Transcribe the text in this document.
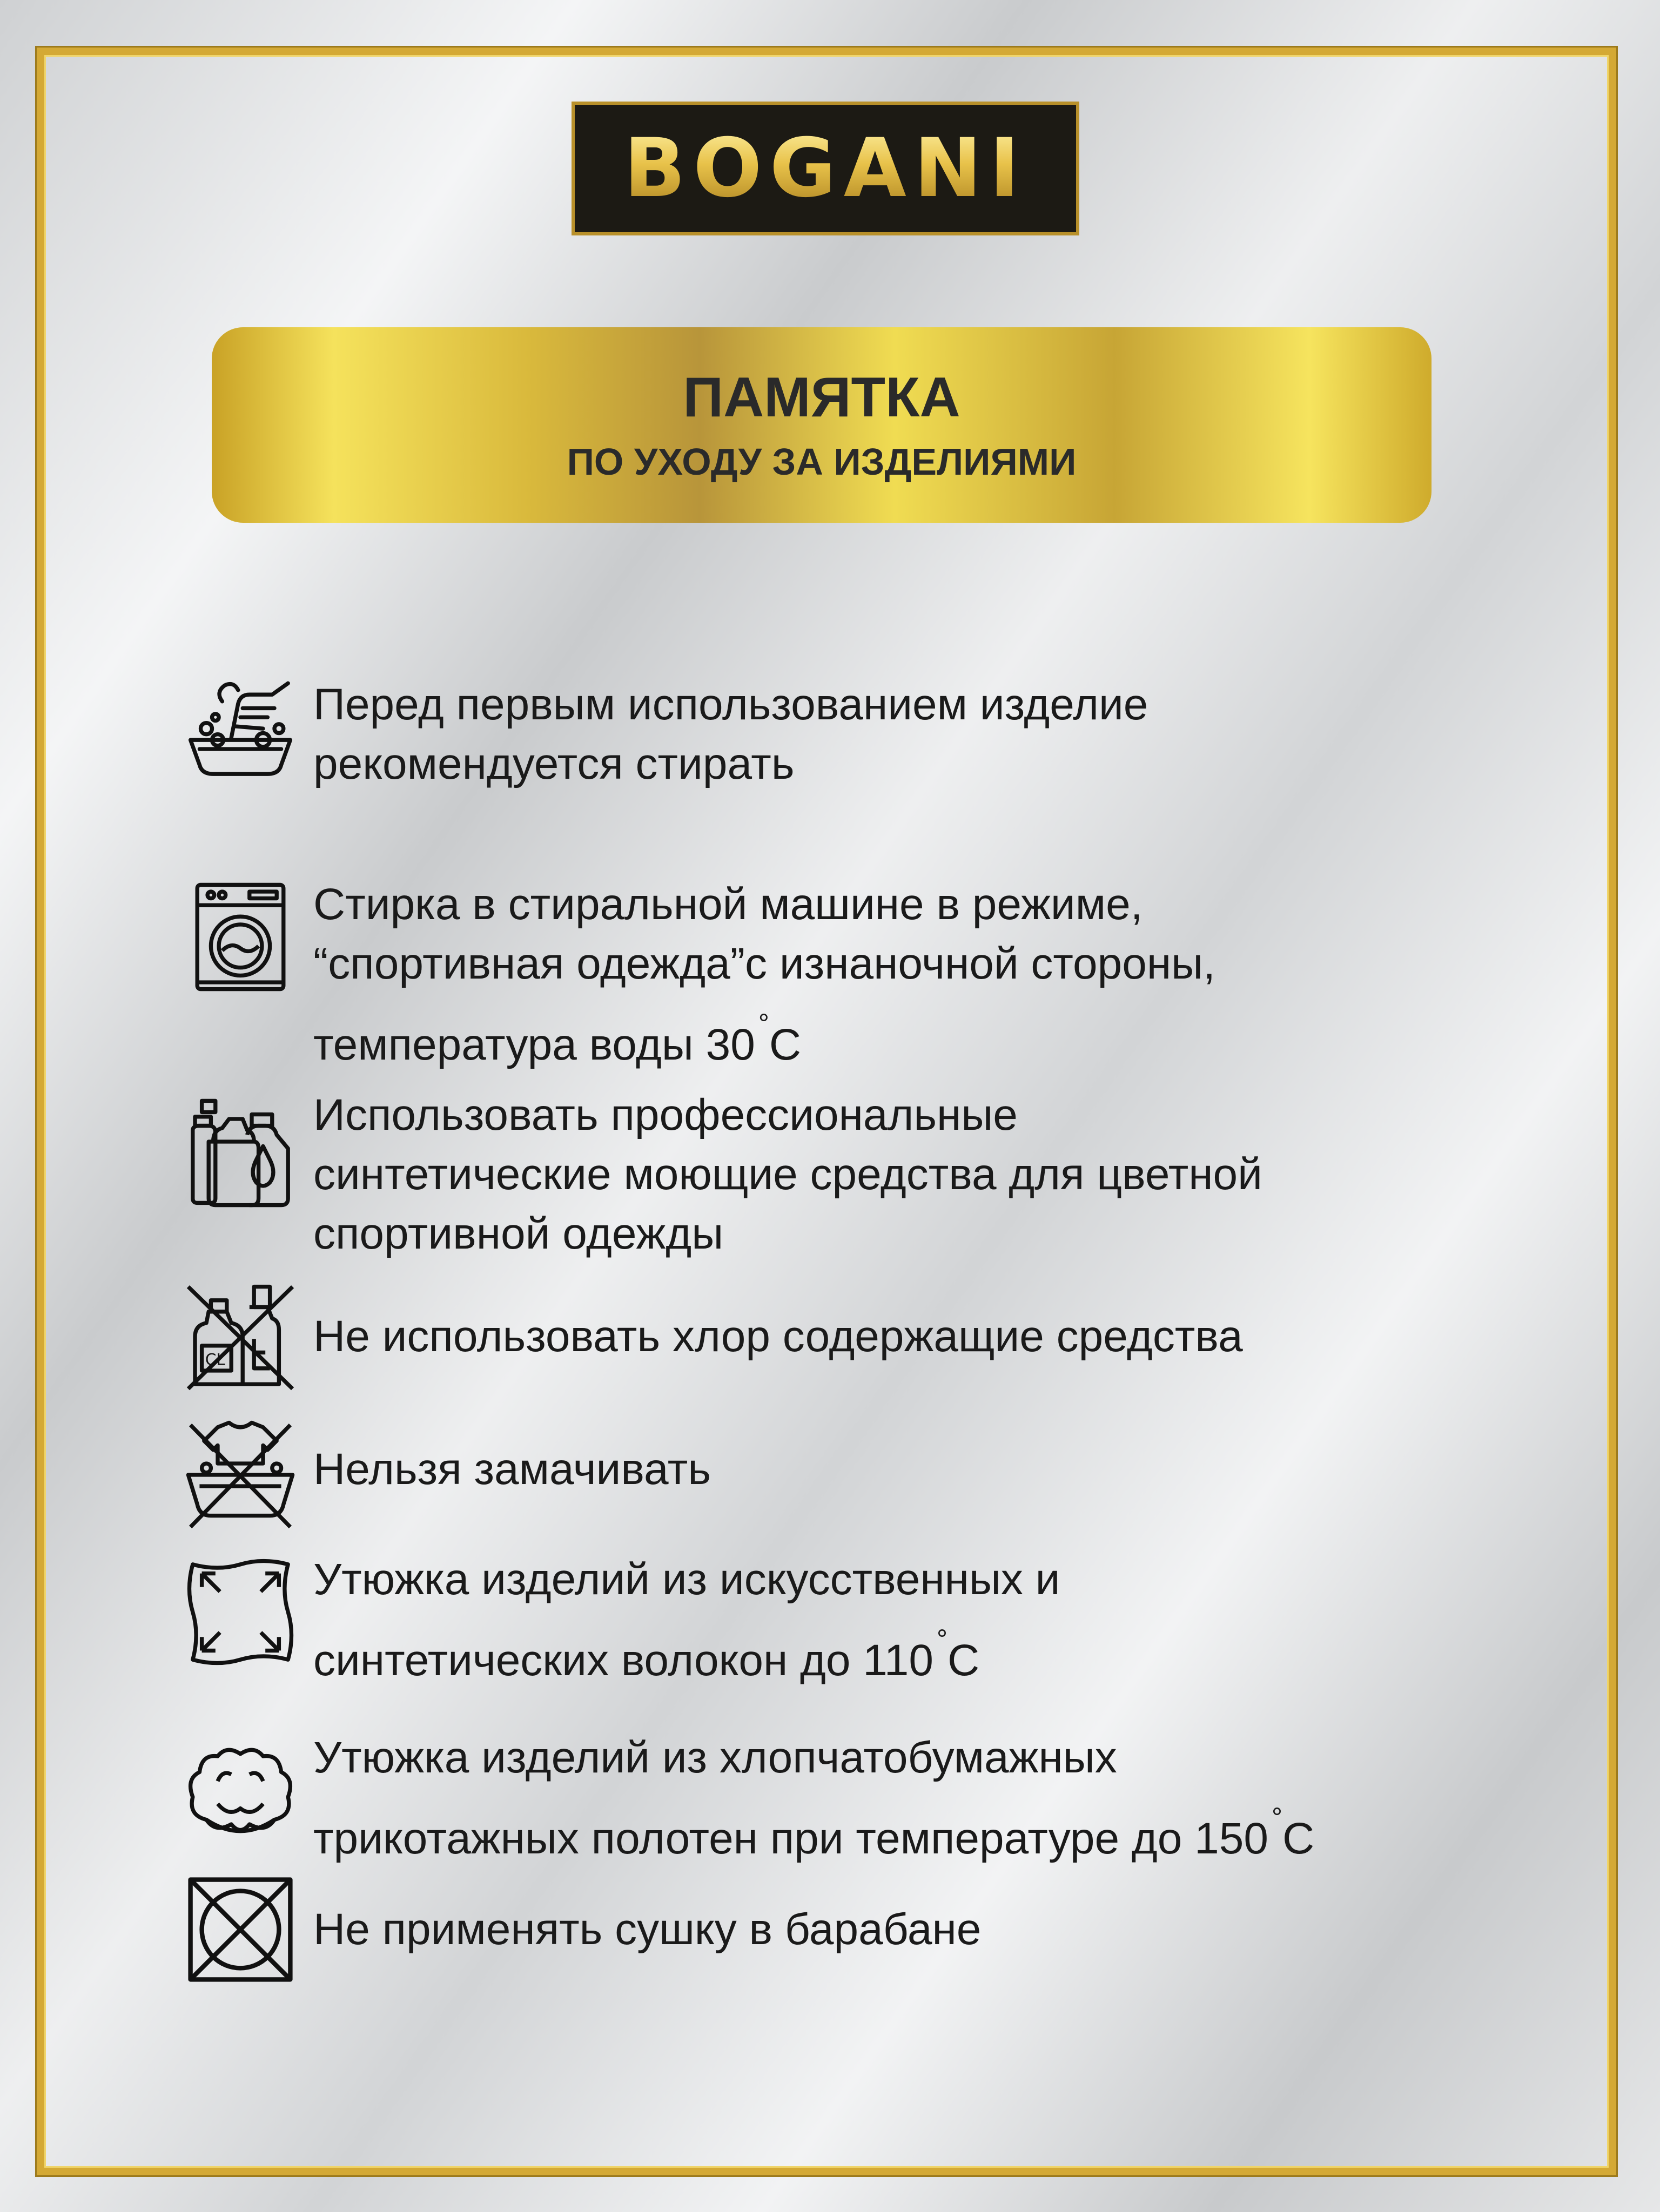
BOGANI
ПАМЯТКА
ПО УХОДУ ЗА ИЗДЕЛИЯМИ
Перед первым использованием изделие
рекомендуется стирать
Стирка в стиральной машине в режиме,
“спортивная одежда”с изнаночной стороны,
температура воды 30 °C
Использовать профессиональные
синтетические моющие средства для цветной
спортивной одежды
CL Не использовать хлор содержащие средства
Нельзя замачивать
Утюжка изделий из искусственных и
синтетических волокон до 110 °C
Утюжка изделий из хлопчатобумажных
трикотажных полотен при температуре до 150 °C
Не применять сушку в барабане
